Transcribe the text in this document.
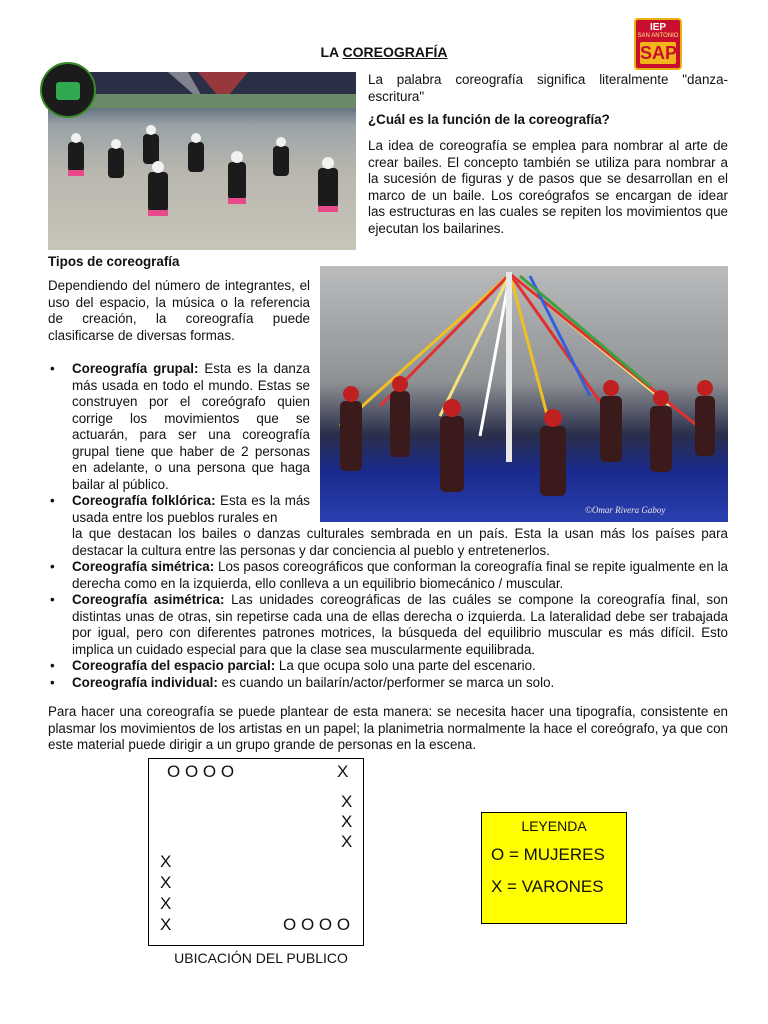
IEP
SAN ANTONIO
SAP
LA COREOGRAFÍA
La palabra coreografía significa literalmente "danza-escritura"
¿Cuál es la función de la coreografía?
La idea de coreografía se emplea para nombrar al arte de crear bailes. El concepto también se utiliza para nombrar a la sucesión de figuras y de pasos que se desarrollan en el marco de un baile. Los coreógrafos se encargan de idear las estructuras en las cuales se repiten los movimientos que ejecutan los bailarines.
Tipos de coreografía
Dependiendo del número de integrantes, el uso del espacio, la música o la referencia de creación, la coreografía puede clasificarse de diversas formas.
©Omar Rivera Gaboy
• Coreografía grupal: Esta es la danza más usada en todo el mundo. Estas se construyen por el coreógrafo quien corrige los movimientos que se actuarán, para ser una coreografía grupal tiene que haber de 2 personas en adelante, o una persona que haga bailar al público.
• Coreografía folklórica: Esta es la más usada entre los pueblos rurales en
la que destacan los bailes o danzas culturales sembrada en un país. Esta la usan más los países para destacar la cultura entre las personas y dar conciencia al pueblo y entretenerlos.
• Coreografía simétrica: Los pasos coreográficos que conforman la coreografía final se repite igualmente en la derecha como en la izquierda, ello conlleva a un equilibrio biomecánico / muscular.
• Coreografía asimétrica: Las unidades coreográficas de las cuáles se compone la coreografía final, son distintas unas de otras, sin repetirse cada una de ellas derecha o izquierda. La lateralidad debe ser trabajada por igual, pero con diferentes patrones motrices, la búsqueda del equilibrio muscular es más difícil. Esto implica un cuidado especial para que la clase sea muscularmente equilibrada.
• Coreografía del espacio parcial: La que ocupa solo una parte del escenario.
• Coreografía individual: es cuando un bailarín/actor/performer se marca un solo.
Para hacer una coreografía se puede plantear de esta manera: se necesita hacer una tipografía, consistente en plasmar los movimientos de los artistas en un papel; la planimetria normalmente la hace el coreógrafo, ya que con este material puede dirigir a un grupo grande de personas en la escena.
O O O O	X
X
X
X
X
X
X
X	O O O O
UBICACIÓN DEL PUBLICO
LEYENDA
O = MUJERES
X = VARONES
